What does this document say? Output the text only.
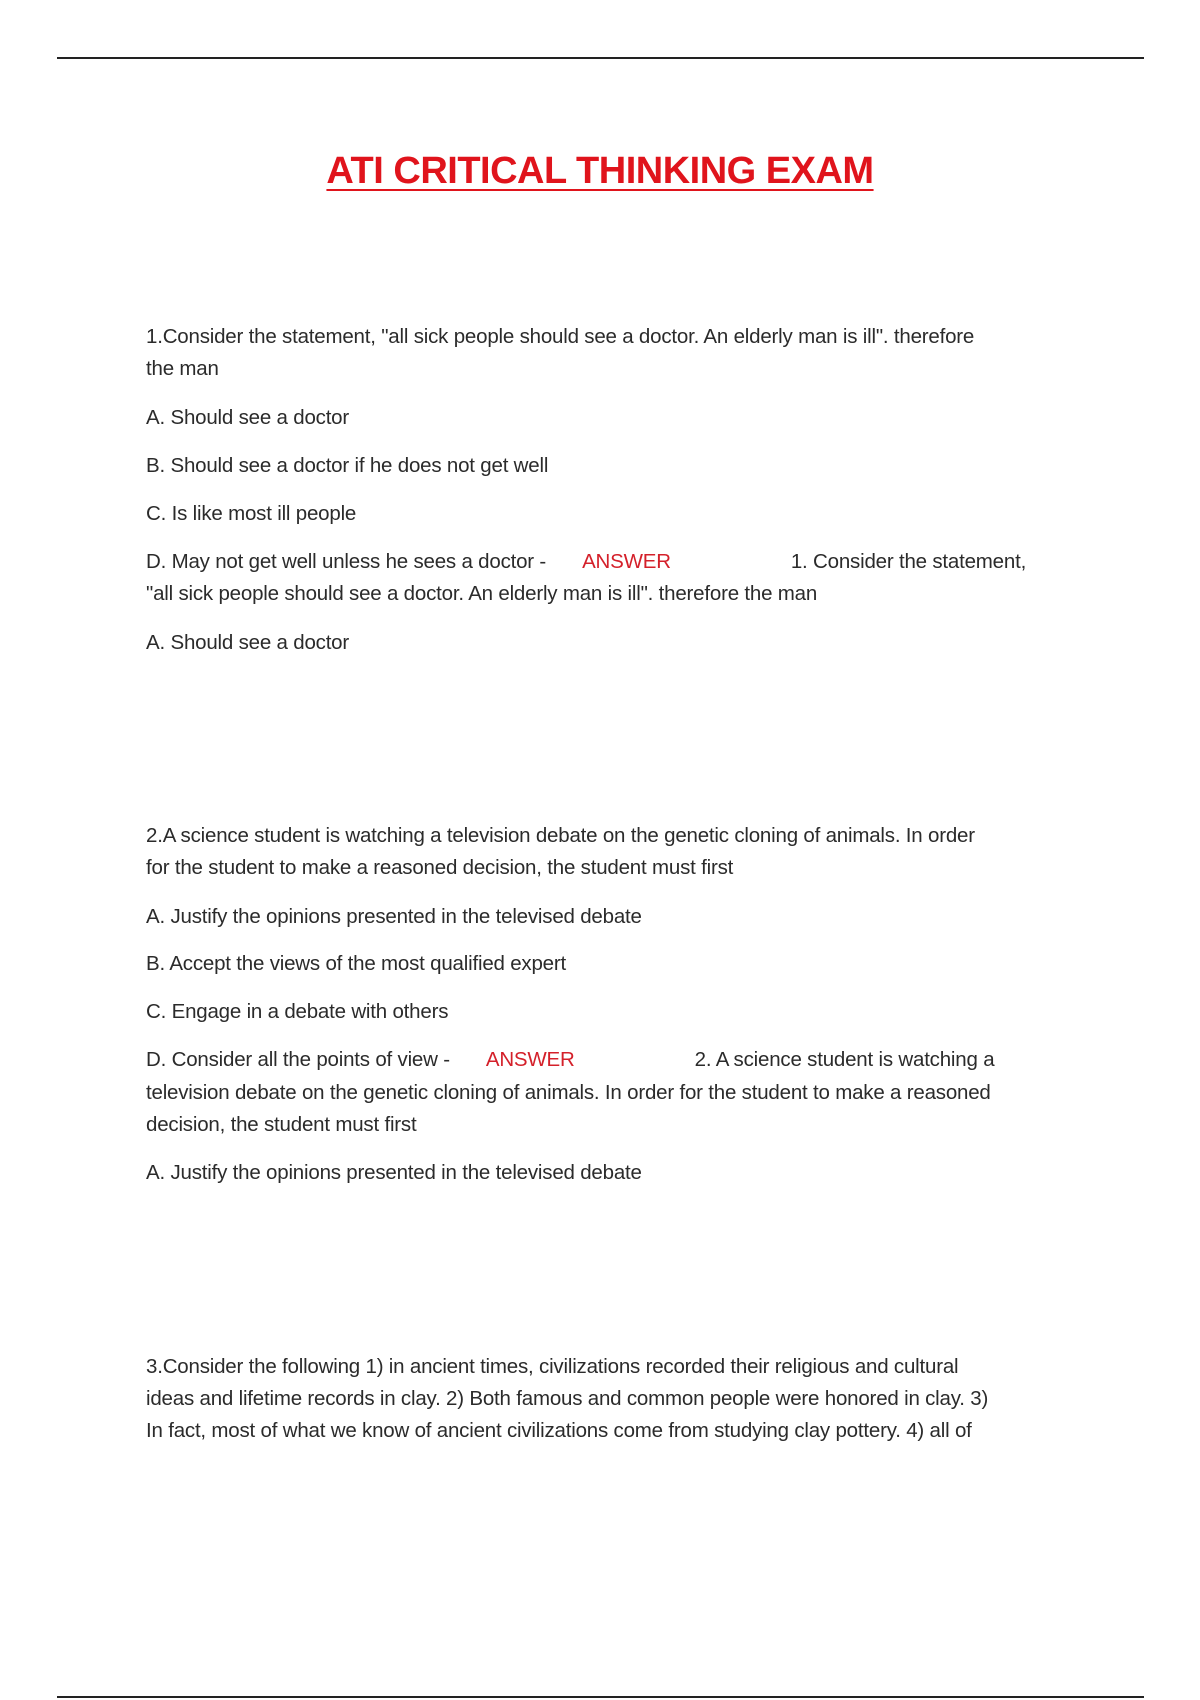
ATI CRITICAL THINKING EXAM
1.Consider the statement, "all sick people should see a doctor. An elderly man is ill". therefore
the man
A. Should see a doctor
B. Should see a doctor if he does not get well
C. Is like most ill people
D. May not get well unless he sees a doctor - ANSWER	1. Consider the statement,
"all sick people should see a doctor. An elderly man is ill". therefore the man
A. Should see a doctor
2.A science student is watching a television debate on the genetic cloning of animals. In order
for the student to make a reasoned decision, the student must first
A. Justify the opinions presented in the televised debate
B. Accept the views of the most qualified expert
C. Engage in a debate with others
D. Consider all the points of view - ANSWER	2. A science student is watching a
television debate on the genetic cloning of animals. In order for the student to make a reasoned
decision, the student must first
A. Justify the opinions presented in the televised debate
3.Consider the following 1) in ancient times, civilizations recorded their religious and cultural
ideas and lifetime records in clay. 2) Both famous and common people were honored in clay. 3)
In fact, most of what we know of ancient civilizations come from studying clay pottery. 4) all of
